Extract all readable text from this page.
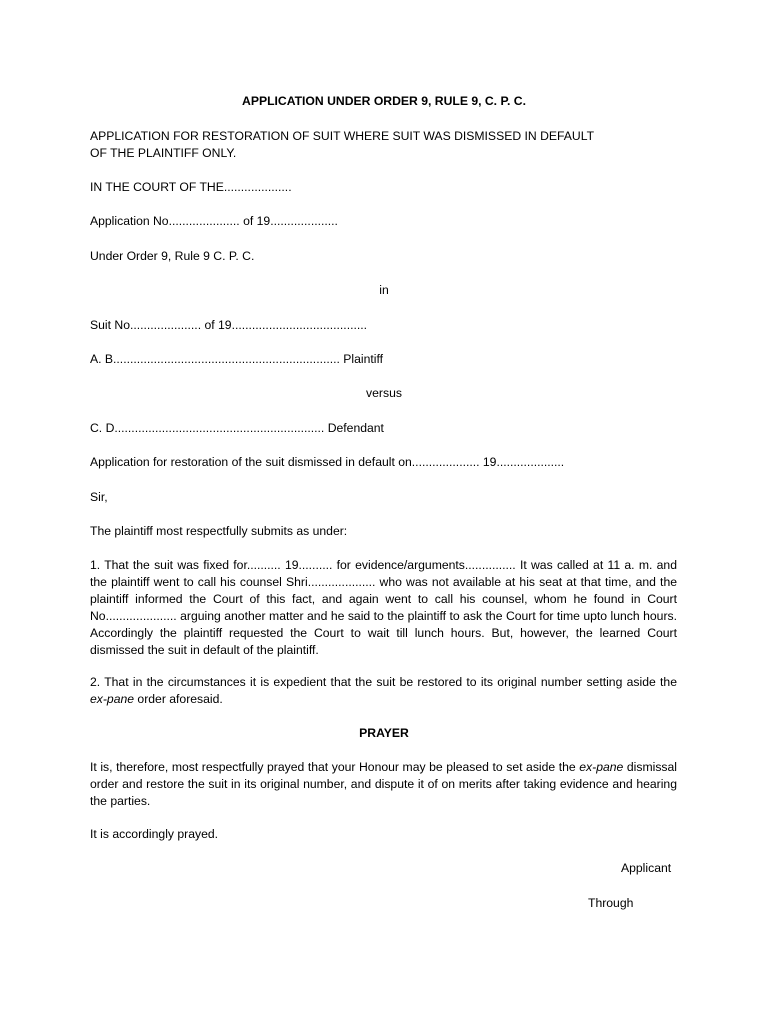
APPLICATION UNDER ORDER 9, RULE 9, C. P. C.
APPLICATION FOR RESTORATION OF SUIT WHERE SUIT WAS DISMISSED IN DEFAULT
OF THE PLAINTIFF ONLY.
IN THE COURT OF THE....................
Application No..................... of 19....................
Under Order 9, Rule 9 C. P. C.
in
Suit No..................... of 19........................................
A. B................................................................... Plaintiff
versus
C. D.............................................................. Defendant
Application for restoration of the suit dismissed in default on.................... 19....................
Sir,
The plaintiff most respectfully submits as under:
1. That the suit was fixed for.......... 19.......... for evidence/arguments............... It was called at 11 a. m. and the plaintiff went to call his counsel Shri.................... who was not available at his seat at that time, and the plaintiff informed the Court of this fact, and again went to call his counsel, whom he found in Court No..................... arguing another matter and he said to the plaintiff to ask the Court for time upto lunch hours. Accordingly the plaintiff requested the Court to wait till lunch hours. But, however, the learned Court dismissed the suit in default of the plaintiff.
2. That in the circumstances it is expedient that the suit be restored to its original number setting aside the ex-pane order aforesaid.
PRAYER
It is, therefore, most respectfully prayed that your Honour may be pleased to set aside the ex-pane dismissal order and restore the suit in its original number, and dispute it of on merits after taking evidence and hearing the parties.
It is accordingly prayed.
Applicant
Through
